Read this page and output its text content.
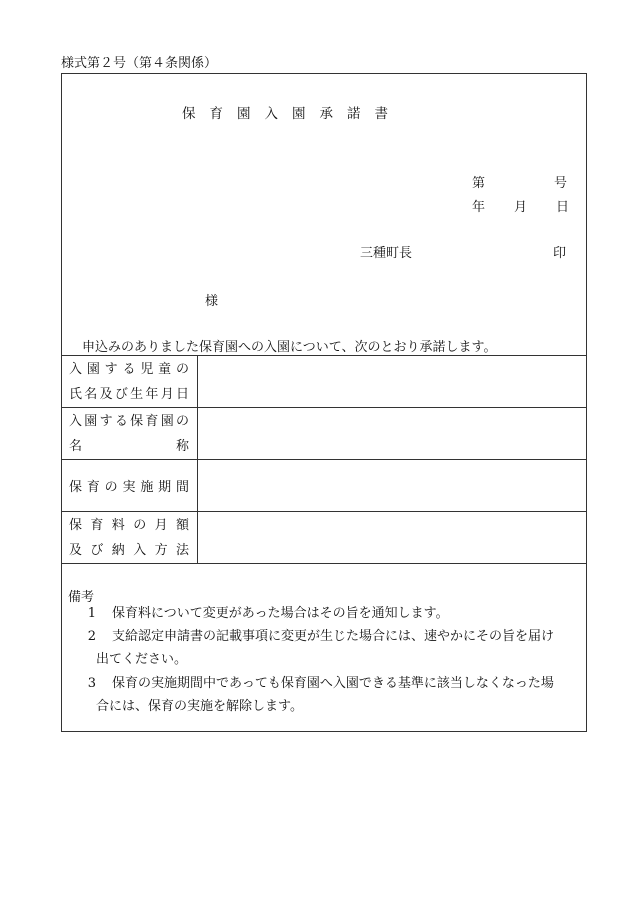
様式第２号（第４条関係）
保育園入園承諾書
第	号
年 月 日
三種町長	印
様
申込みのありました保育園への入園について、次のとおり承諾します。
入園する児童の
氏名及び生年月日	

入園する保育園の
名称	

保育の実施期間	

保育料の月額
及び納入方法	

備考
1 保育料について変更があった場合はその旨を通知します。
2 支給認定申請書の記載事項に変更が生じた場合には、速やかにその旨を届け
出てください。
3 保育の実施期間中であっても保育園へ入園できる基準に該当しなくなった場
合には、保育の実施を解除します。
